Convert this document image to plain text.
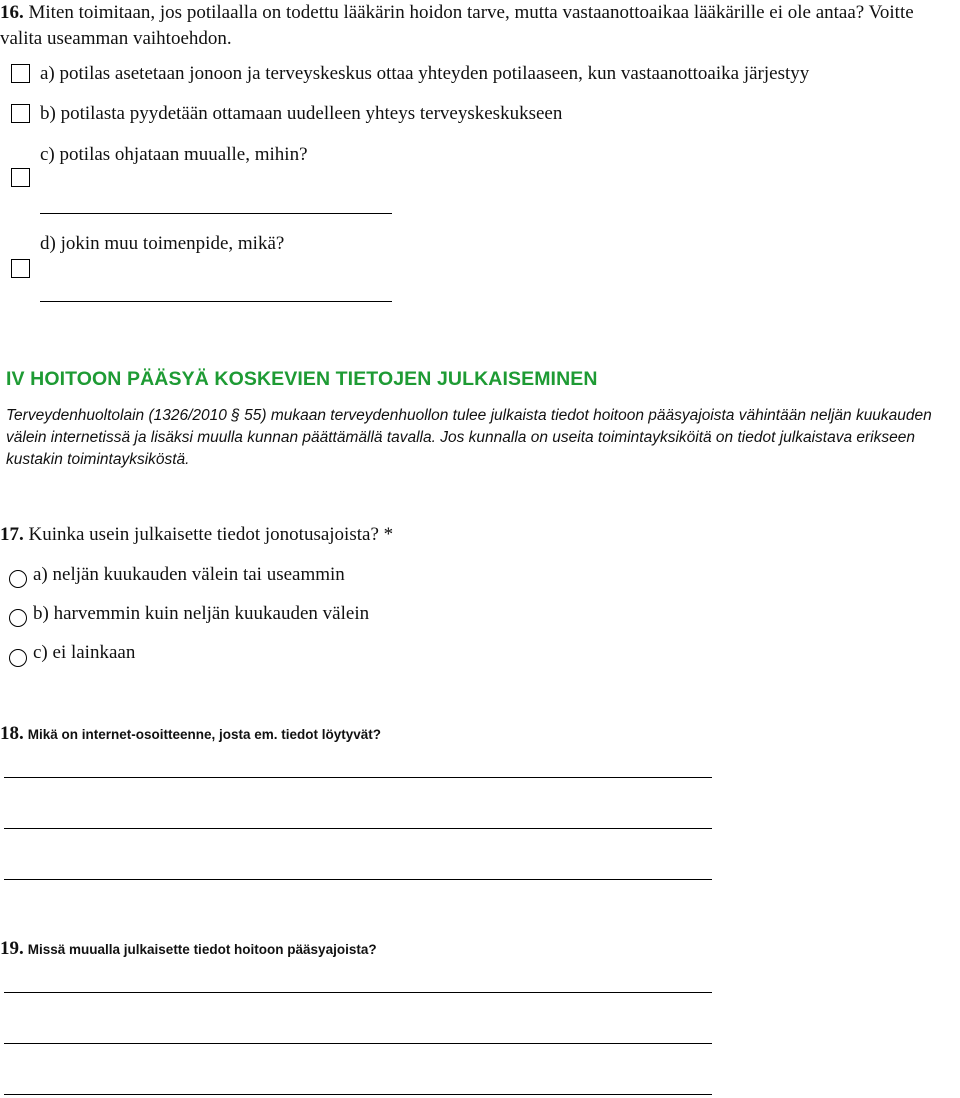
16. Miten toimitaan, jos potilaalla on todettu lääkärin hoidon tarve, mutta vastaanottoaikaa lääkärille ei ole antaa? Voitte valita useamman vaihtoehdon.
a) potilas asetetaan jonoon ja terveyskeskus ottaa yhteyden potilaaseen, kun vastaanottoaika järjestyy
b) potilasta pyydetään ottamaan uudelleen yhteys terveyskeskukseen
c) potilas ohjataan muualle, mihin?
d) jokin muu toimenpide, mikä?
IV HOITOON PÄÄSYÄ KOSKEVIEN TIETOJEN JULKAISEMINEN
Terveydenhuoltolain (1326/2010 § 55) mukaan terveydenhuollon tulee julkaista tiedot hoitoon pääsyajoista vähintään neljän kuukauden välein internetissä ja lisäksi muulla kunnan päättämällä tavalla. Jos kunnalla on useita toimintayksiköitä on tiedot julkaistava erikseen kustakin toimintayksiköstä.
17. Kuinka usein julkaisette tiedot jonotusajoista? *
a) neljän kuukauden välein tai useammin
b) harvemmin kuin neljän kuukauden välein
c) ei lainkaan
18. Mikä on internet-osoitteenne, josta em. tiedot löytyvät?
19. Missä muualla julkaisette tiedot hoitoon pääsyajoista?
